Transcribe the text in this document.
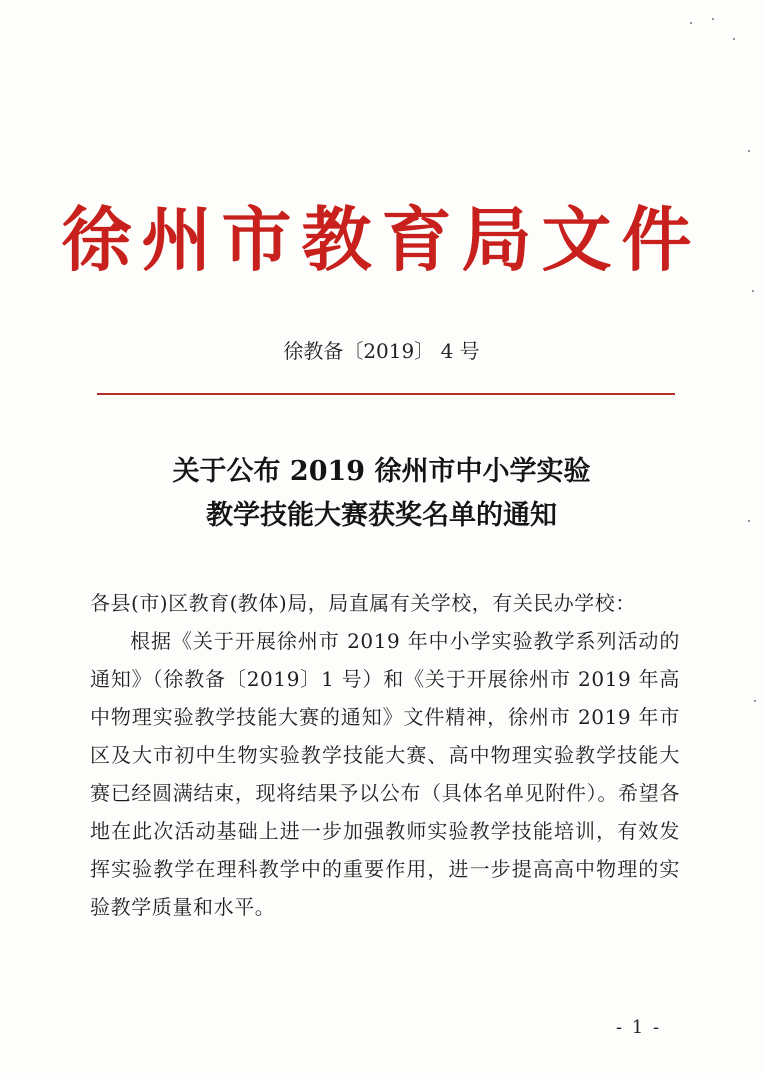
徐州市教育局文件
徐教备〔2019〕 4 号
关于公布 2019 徐州市中小学实验
教学技能大赛获奖名单的通知
各县(市)区教育(教体)局，局直属有关学校，有关民办学校：
根据《关于开展徐州市 2019 年中小学实验教学系列活动的通知》（徐教备〔2019〕1 号）和《关于开展徐州市 2019 年高中物理实验教学技能大赛的通知》文件精神，徐州市 2019 年市区及大市初中生物实验教学技能大赛、高中物理实验教学技能大赛已经圆满结束，现将结果予以公布（具体名单见附件）。希望各地在此次活动基础上进一步加强教师实验教学技能培训，有效发挥实验教学在理科教学中的重要作用，进一步提高高中物理的实验教学质量和水平。
- 1 -
